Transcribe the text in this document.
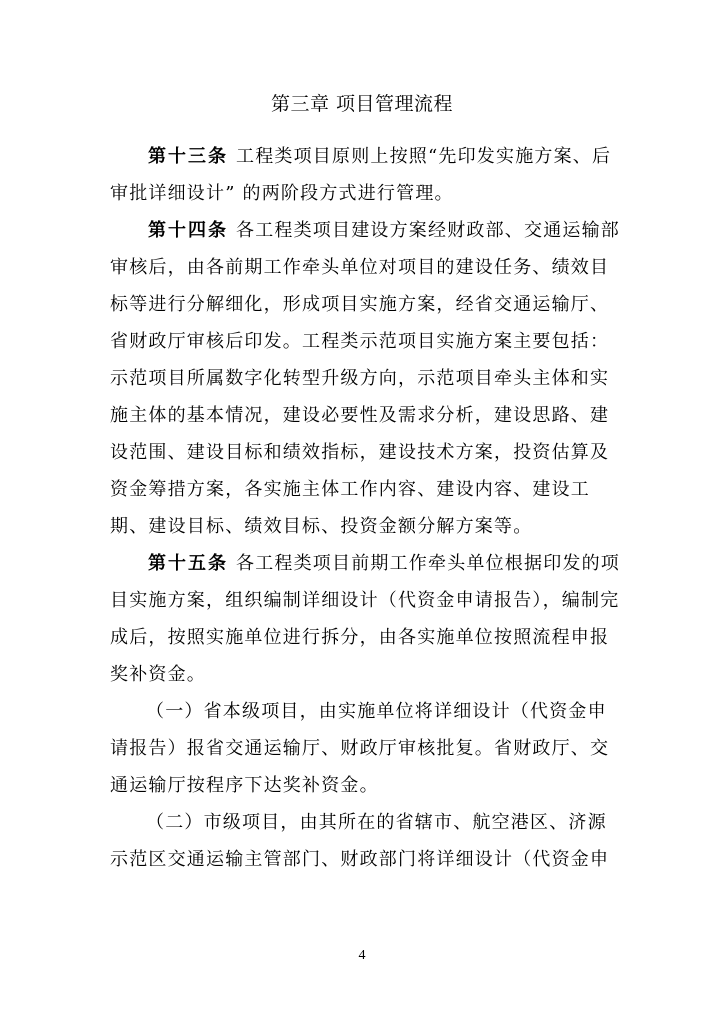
第三章 项目管理流程

第十三条 工程类项目原则上按照“先印发实施方案、后审批详细设计” 的两阶段方式进行管理。

第十四条 各工程类项目建设方案经财政部、交通运输部审核后，由各前期工作牵头单位对项目的建设任务、绩效目标等进行分解细化，形成项目实施方案，经省交通运输厅、省财政厅审核后印发。工程类示范项目实施方案主要包括：示范项目所属数字化转型升级方向，示范项目牵头主体和实施主体的基本情况，建设必要性及需求分析，建设思路、建设范围、建设目标和绩效指标，建设技术方案，投资估算及资金筹措方案，各实施主体工作内容、建设内容、建设工期、建设目标、绩效目标、投资金额分解方案等。

第十五条 各工程类项目前期工作牵头单位根据印发的项目实施方案，组织编制详细设计（代资金申请报告），编制完成后，按照实施单位进行拆分，由各实施单位按照流程申报奖补资金。

（一）省本级项目，由实施单位将详细设计（代资金申请报告）报省交通运输厅、财政厅审核批复。省财政厅、交通运输厅按程序下达奖补资金。

（二）市级项目，由其所在的省辖市、航空港区、济源示范区交通运输主管部门、财政部门将详细设计（代资金申

4
